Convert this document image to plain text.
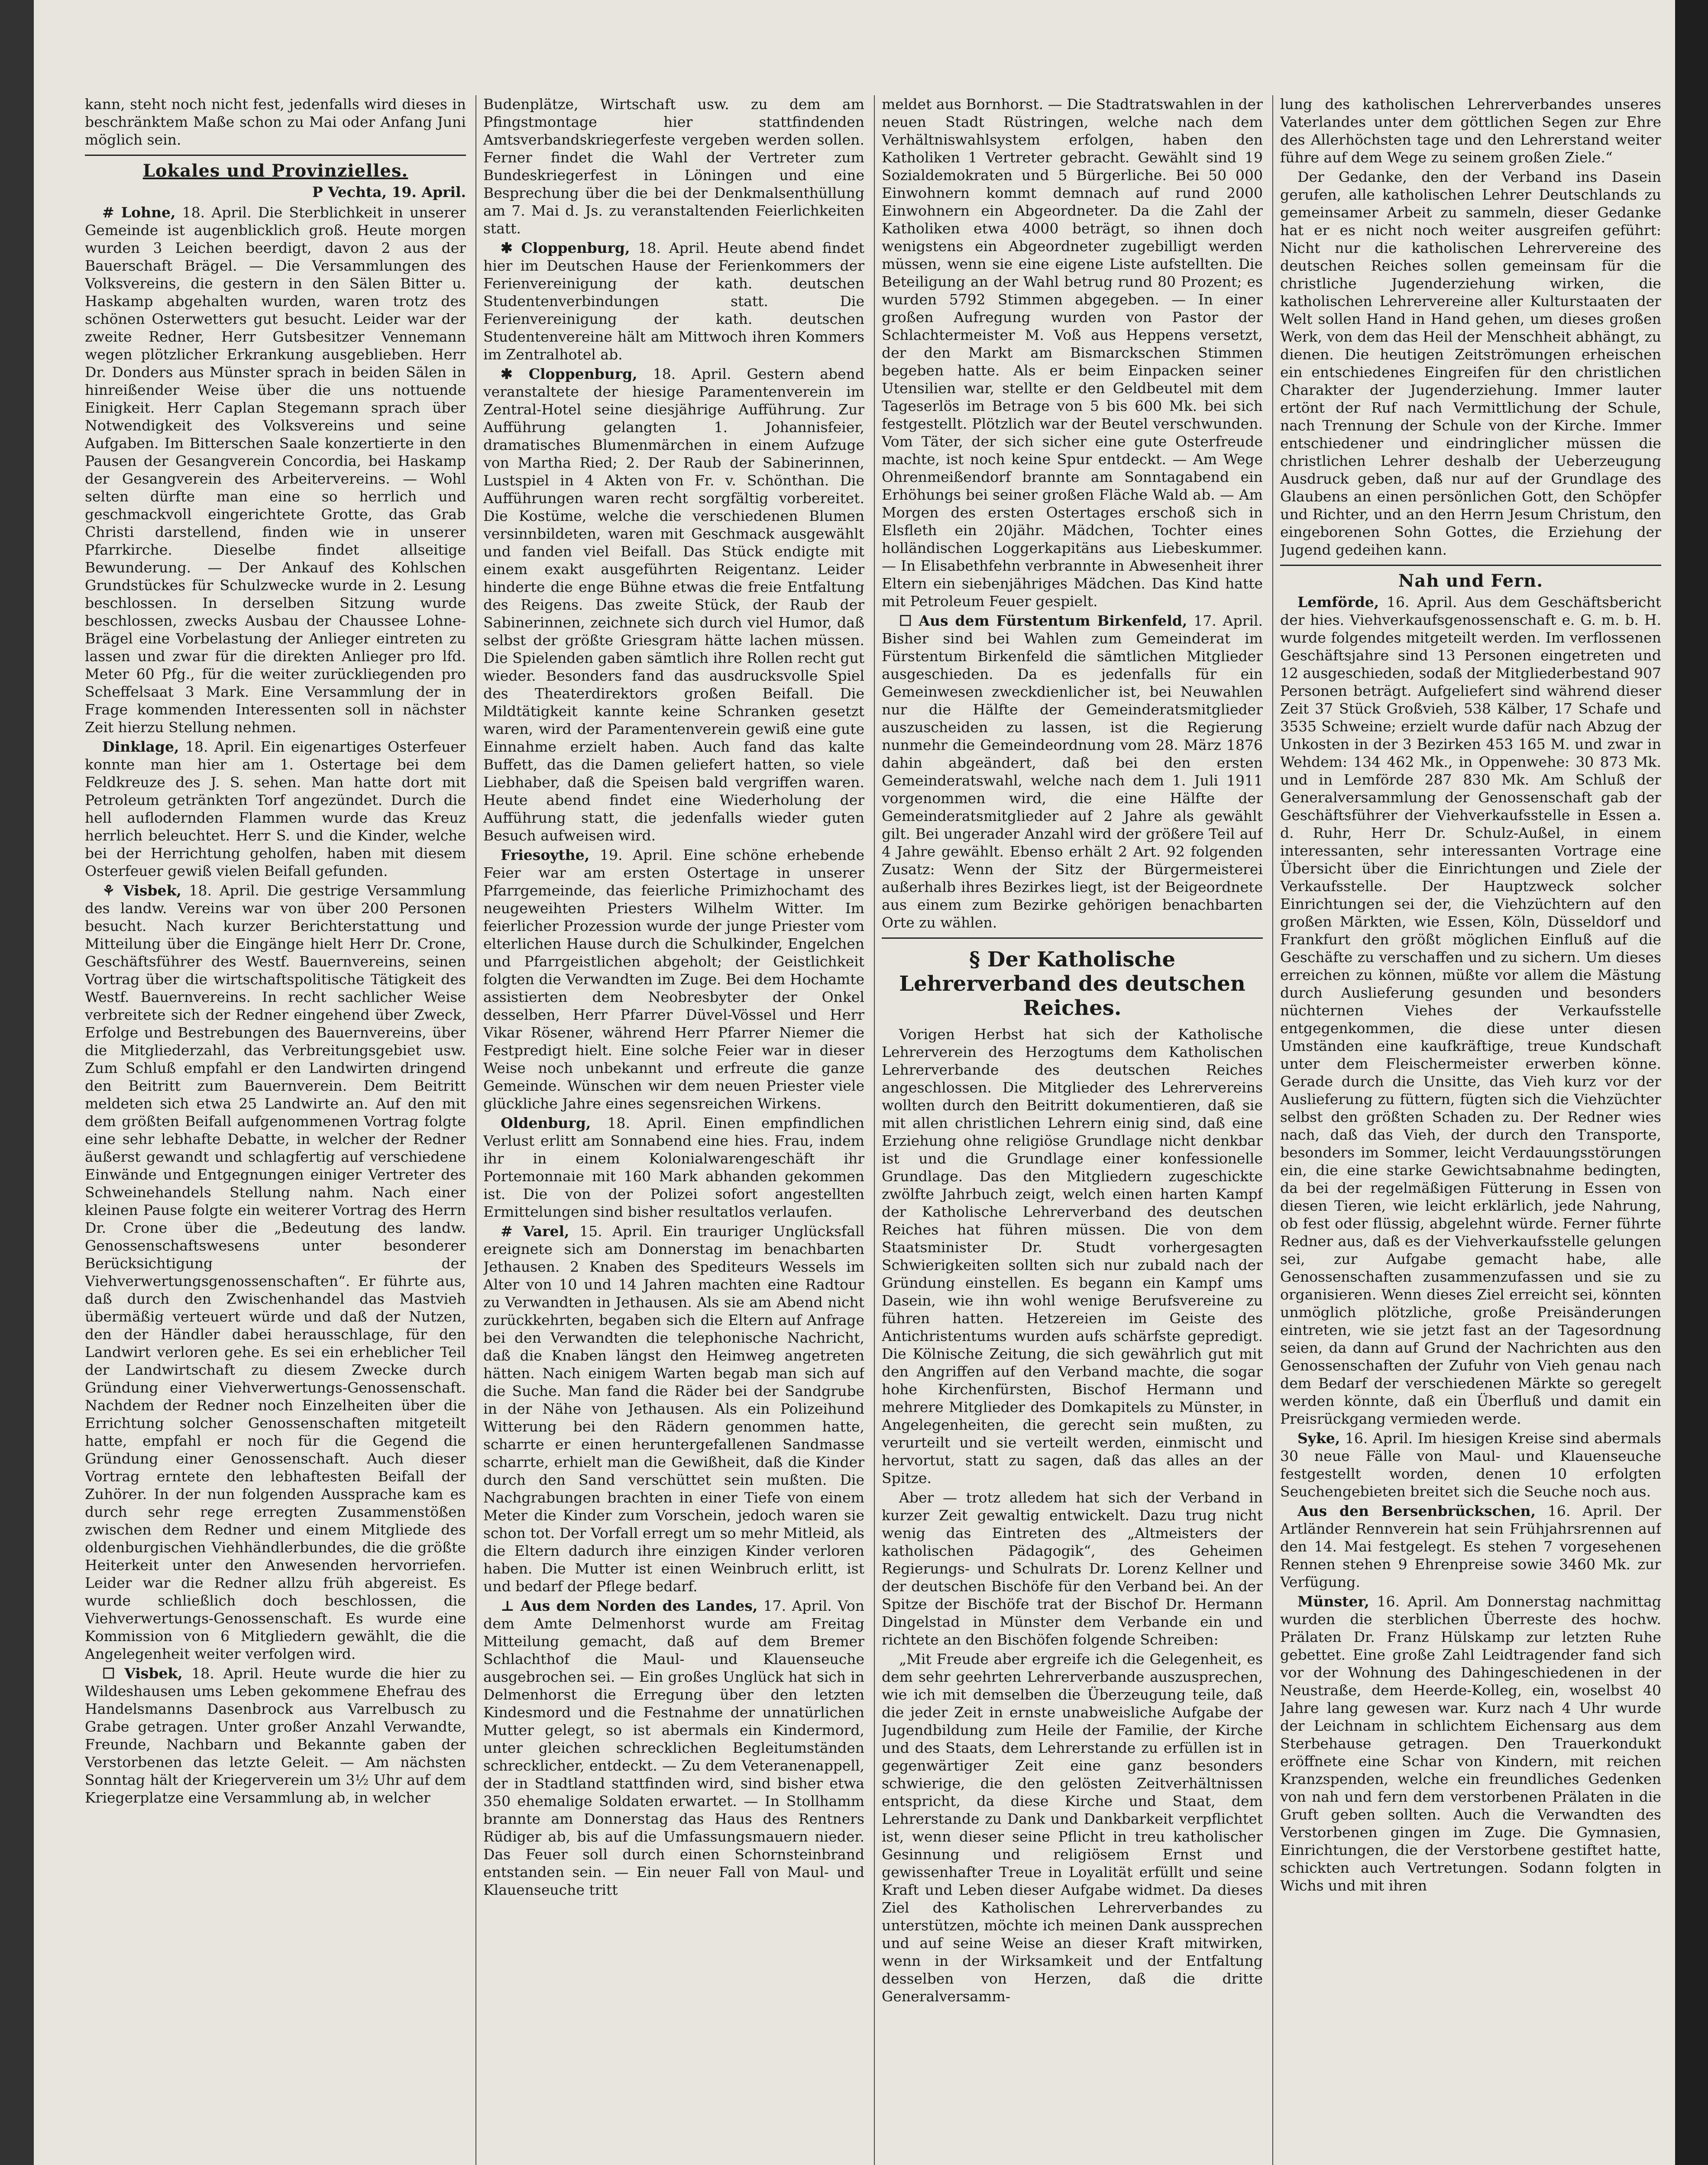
kann, steht noch nicht fest, jedenfalls wird dieses in beschränktem Maße schon zu Mai oder Anfang Juni möglich sein.

Lokales und Provinzielles.
P Vechta, 19. April.

# Lohne, 18. April. Die Sterblichkeit in unserer Gemeinde ist augenblicklich groß. Heute morgen wurden 3 Leichen beerdigt, davon 2 aus der Bauerschaft Brägel. — Die Versammlungen des Volksvereins, die gestern in den Sälen Bitter u. Haskamp abgehalten wurden, waren trotz des schönen Osterwetters gut besucht. Leider war der zweite Redner, Herr Gutsbesitzer Vennemann wegen plötzlicher Erkrankung ausgeblieben. Herr Dr. Donders aus Münster sprach in beiden Sälen in hinreißender Weise über die uns nottuende Einigkeit. Herr Caplan Stegemann sprach über Notwendigkeit des Volksvereins und seine Aufgaben. Im Bitterschen Saale konzertierte in den Pausen der Gesangverein Concordia, bei Haskamp der Gesangverein des Arbeitervereins. — Wohl selten dürfte man eine so herrlich und geschmackvoll eingerichtete Grotte, das Grab Christi darstellend, finden wie in unserer Pfarrkirche. Dieselbe findet allseitige Bewunderung. — Der Ankauf des Kohlschen Grundstückes für Schulzwecke wurde in 2. Lesung beschlossen. In derselben Sitzung wurde beschlossen, zwecks Ausbau der Chaussee Lohne-Brägel eine Vorbelastung der Anlieger eintreten zu lassen und zwar für die direkten Anlieger pro lfd. Meter 60 Pfg., für die weiter zurückliegenden pro Scheffelsaat 3 Mark. Eine Versammlung der in Frage kommenden Interessenten soll in nächster Zeit hierzu Stellung nehmen.

Dinklage, 18. April. Ein eigenartiges Osterfeuer konnte man hier am 1. Ostertage bei dem Feldkreuze des J. S. sehen. Man hatte dort mit Petroleum getränkten Torf angezündet. Durch die hell auflodernden Flammen wurde das Kreuz herrlich beleuchtet. Herr S. und die Kinder, welche bei der Herrichtung geholfen, haben mit diesem Osterfeuer gewiß vielen Beifall gefunden.

⚘ Visbek, 18. April. Die gestrige Versammlung des landw. Vereins war von über 200 Personen besucht. Nach kurzer Berichterstattung und Mitteilung über die Eingänge hielt Herr Dr. Crone, Geschäftsführer des Westf. Bauernvereins, seinen Vortrag über die wirtschaftspolitische Tätigkeit des Westf. Bauernvereins. In recht sachlicher Weise verbreitete sich der Redner eingehend über Zweck, Erfolge und Bestrebungen des Bauernvereins, über die Mitgliederzahl, das Verbreitungsgebiet usw. Zum Schluß empfahl er den Landwirten dringend den Beitritt zum Bauernverein. Dem Beitritt meldeten sich etwa 25 Landwirte an. Auf den mit dem größten Beifall aufgenommenen Vortrag folgte eine sehr lebhafte Debatte, in welcher der Redner äußerst gewandt und schlagfertig auf verschiedene Einwände und Entgegnungen einiger Vertreter des Schweinehandels Stellung nahm. Nach einer kleinen Pause folgte ein weiterer Vortrag des Herrn Dr. Crone über die „Bedeutung des landw. Genossenschaftswesens unter besonderer Berücksichtigung der Viehverwertungsgenossenschaften“. Er führte aus, daß durch den Zwischenhandel das Mastvieh übermäßig verteuert würde und daß der Nutzen, den der Händler dabei herausschlage, für den Landwirt verloren gehe. Es sei ein erheblicher Teil der Landwirtschaft zu diesem Zwecke durch Gründung einer Viehverwertungs-Genossenschaft. Nachdem der Redner noch Einzelheiten über die Errichtung solcher Genossenschaften mitgeteilt hatte, empfahl er noch für die Gegend die Gründung einer Genossenschaft. Auch dieser Vortrag erntete den lebhaftesten Beifall der Zuhörer. In der nun folgenden Aussprache kam es durch sehr rege erregten Zusammenstößen zwischen dem Redner und einem Mitgliede des oldenburgischen Viehhändlerbundes, die die größte Heiterkeit unter den Anwesenden hervorriefen. Leider war die Redner allzu früh abgereist. Es wurde schließlich doch beschlossen, die Viehverwertungs-Genossenschaft. Es wurde eine Kommission von 6 Mitgliedern gewählt, die die Angelegenheit weiter verfolgen wird.

☐ Visbek, 18. April. Heute wurde die hier zu Wildeshausen ums Leben gekommene Ehefrau des Handelsmanns Dasenbrock aus Varrelbusch zu Grabe getragen. Unter großer Anzahl Verwandte, Freunde, Nachbarn und Bekannte gaben der Verstorbenen das letzte Geleit. — Am nächsten Sonntag hält der Kriegerverein um 3½ Uhr auf dem Kriegerplatze eine Versammlung ab, in welcher

Budenplätze, Wirtschaft usw. zu dem am Pfingstmontage hier stattfindenden Amtsverbandskriegerfeste vergeben werden sollen. Ferner findet die Wahl der Vertreter zum Bundeskriegerfest in Löningen und eine Besprechung über die bei der Denkmalsenthüllung am 7. Mai d. Js. zu veranstaltenden Feierlichkeiten statt.

✱ Cloppenburg, 18. April. Heute abend findet hier im Deutschen Hause der Ferienkommers der Ferienvereinigung der kath. deutschen Studentenverbindungen statt. Die Ferienvereinigung der kath. deutschen Studentenvereine hält am Mittwoch ihren Kommers im Zentralhotel ab.

✱ Cloppenburg, 18. April. Gestern abend veranstaltete der hiesige Paramentenverein im Zentral-Hotel seine diesjährige Aufführung. Zur Aufführung gelangten 1. Johannisfeier, dramatisches Blumenmärchen in einem Aufzuge von Martha Ried; 2. Der Raub der Sabinerinnen, Lustspiel in 4 Akten von Fr. v. Schönthan. Die Aufführungen waren recht sorgfältig vorbereitet. Die Kostüme, welche die verschiedenen Blumen versinnbildeten, waren mit Geschmack ausgewählt und fanden viel Beifall. Das Stück endigte mit einem exakt ausgeführten Reigentanz. Leider hinderte die enge Bühne etwas die freie Entfaltung des Reigens. Das zweite Stück, der Raub der Sabinerinnen, zeichnete sich durch viel Humor, daß selbst der größte Griesgram hätte lachen müssen. Die Spielenden gaben sämtlich ihre Rollen recht gut wieder. Besonders fand das ausdrucksvolle Spiel des Theaterdirektors großen Beifall. Die Mildtätigkeit kannte keine Schranken gesetzt waren, wird der Paramentenverein gewiß eine gute Einnahme erzielt haben. Auch fand das kalte Buffett, das die Damen geliefert hatten, so viele Liebhaber, daß die Speisen bald vergriffen waren. Heute abend findet eine Wiederholung der Aufführung statt, die jedenfalls wieder guten Besuch aufweisen wird.

Friesoythe, 19. April. Eine schöne erhebende Feier war am ersten Ostertage in unserer Pfarrgemeinde, das feierliche Primizhochamt des neugeweihten Priesters Wilhelm Witter. Im feierlicher Prozession wurde der junge Priester vom elterlichen Hause durch die Schulkinder, Engelchen und Pfarrgeistlichen abgeholt; der Geistlichkeit folgten die Verwandten im Zuge. Bei dem Hochamte assistierten dem Neobresbyter der Onkel desselben, Herr Pfarrer Düvel-Vössel und Herr Vikar Rösener, während Herr Pfarrer Niemer die Festpredigt hielt. Eine solche Feier war in dieser Weise noch unbekannt und erfreute die ganze Gemeinde. Wünschen wir dem neuen Priester viele glückliche Jahre eines segensreichen Wirkens.

Oldenburg, 18. April. Einen empfindlichen Verlust erlitt am Sonnabend eine hies. Frau, indem ihr in einem Kolonialwarengeschäft ihr Portemonnaie mit 160 Mark abhanden gekommen ist. Die von der Polizei sofort angestellten Ermittelungen sind bisher resultatlos verlaufen.

# Varel, 15. April. Ein trauriger Unglücksfall ereignete sich am Donnerstag im benachbarten Jethausen. 2 Knaben des Spediteurs Wessels im Alter von 10 und 14 Jahren machten eine Radtour zu Verwandten in Jethausen. Als sie am Abend nicht zurückkehrten, begaben sich die Eltern auf Anfrage bei den Verwandten die telephonische Nachricht, daß die Knaben längst den Heimweg angetreten hätten. Nach einigem Warten begab man sich auf die Suche. Man fand die Räder bei der Sandgrube in der Nähe von Jethausen. Als ein Polizeihund Witterung bei den Rädern genommen hatte, scharrte er einen heruntergefallenen Sandmasse scharrte, erhielt man die Gewißheit, daß die Kinder durch den Sand verschüttet sein mußten. Die Nachgrabungen brachten in einer Tiefe von einem Meter die Kinder zum Vorschein, jedoch waren sie schon tot. Der Vorfall erregt um so mehr Mitleid, als die Eltern dadurch ihre einzigen Kinder verloren haben. Die Mutter ist einen Weinbruch erlitt, ist und bedarf der Pflege bedarf.

⊥ Aus dem Norden des Landes, 17. April. Von dem Amte Delmenhorst wurde am Freitag Mitteilung gemacht, daß auf dem Bremer Schlachthof die Maul- und Klauenseuche ausgebrochen sei. — Ein großes Unglück hat sich in Delmenhorst die Erregung über den letzten Kindesmord und die Festnahme der unnatürlichen Mutter gelegt, so ist abermals ein Kindermord, unter gleichen schrecklichen Begleitumständen schrecklicher, entdeckt. — Zu dem Veteranenappell, der in Stadtland stattfinden wird, sind bisher etwa 350 ehemalige Soldaten erwartet. — In Stollhamm brannte am Donnerstag das Haus des Rentners Rüdiger ab, bis auf die Umfassungsmauern nieder. Das Feuer soll durch einen Schornsteinbrand entstanden sein. — Ein neuer Fall von Maul- und Klauenseuche tritt

meldet aus Bornhorst. — Die Stadtratswahlen in der neuen Stadt Rüstringen, welche nach dem Verhältniswahlsystem erfolgen, haben den Katholiken 1 Vertreter gebracht. Gewählt sind 19 Sozialdemokraten und 5 Bürgerliche. Bei 50 000 Einwohnern kommt demnach auf rund 2000 Einwohnern ein Abgeordneter. Da die Zahl der Katholiken etwa 4000 beträgt, so ihnen doch wenigstens ein Abgeordneter zugebilligt werden müssen, wenn sie eine eigene Liste aufstellten. Die Beteiligung an der Wahl betrug rund 80 Prozent; es wurden 5792 Stimmen abgegeben. — In einer großen Aufregung wurden von Pastor der Schlachtermeister M. Voß aus Heppens versetzt, der den Markt am Bismarckschen Stimmen begeben hatte. Als er beim Einpacken seiner Utensilien war, stellte er den Geldbeutel mit dem Tageserlös im Betrage von 5 bis 600 Mk. bei sich festgestellt. Plötzlich war der Beutel verschwunden. Vom Täter, der sich sicher eine gute Osterfreude machte, ist noch keine Spur entdeckt. — Am Wege Ohrenmeißendorf brannte am Sonntagabend ein Erhöhungs bei seiner großen Fläche Wald ab. — Am Morgen des ersten Ostertages erschoß sich in Elsfleth ein 20jähr. Mädchen, Tochter eines holländischen Loggerkapitäns aus Liebeskummer. — In Elisabethfehn verbrannte in Abwesenheit ihrer Eltern ein siebenjähriges Mädchen. Das Kind hatte mit Petroleum Feuer gespielt.

☐ Aus dem Fürstentum Birkenfeld, 17. April. Bisher sind bei Wahlen zum Gemeinderat im Fürstentum Birkenfeld die sämtlichen Mitglieder ausgeschieden. Da es jedenfalls für ein Gemeinwesen zweckdienlicher ist, bei Neuwahlen nur die Hälfte der Gemeinderatsmitglieder auszuscheiden zu lassen, ist die Regierung nunmehr die Gemeindeordnung vom 28. März 1876 dahin abgeändert, daß bei den ersten Gemeinderatswahl, welche nach dem 1. Juli 1911 vorgenommen wird, die eine Hälfte der Gemeinderatsmitglieder auf 2 Jahre als gewählt gilt. Bei ungerader Anzahl wird der größere Teil auf 4 Jahre gewählt. Ebenso erhält 2 Art. 92 folgenden Zusatz: Wenn der Sitz der Bürgermeisterei außerhalb ihres Bezirkes liegt, ist der Beigeordnete aus einem zum Bezirke gehörigen benachbarten Orte zu wählen.

§ Der Katholische Lehrerverband des deutschen Reiches.

Vorigen Herbst hat sich der Katholische Lehrerverein des Herzogtums dem Katholischen Lehrerverbande des deutschen Reiches angeschlossen. Die Mitglieder des Lehrervereins wollten durch den Beitritt dokumentieren, daß sie mit allen christlichen Lehrern einig sind, daß eine Erziehung ohne religiöse Grundlage nicht denkbar ist und die Grundlage einer konfessionelle Grundlage. Das den Mitgliedern zugeschickte zwölfte Jahrbuch zeigt, welch einen harten Kampf der Katholische Lehrerverband des deutschen Reiches hat führen müssen. Die von dem Staatsminister Dr. Studt vorhergesagten Schwierigkeiten sollten sich nur zubald nach der Gründung einstellen. Es begann ein Kampf ums Dasein, wie ihn wohl wenige Berufsvereine zu führen hatten. Hetzereien im Geiste des Antichristentums wurden aufs schärfste gepredigt. Die Kölnische Zeitung, die sich gewährlich gut mit den Angriffen auf den Verband machte, die sogar hohe Kirchenfürsten, Bischof Hermann und mehrere Mitglieder des Domkapitels zu Münster, in Angelegenheiten, die gerecht sein mußten, zu verurteilt und sie verteilt werden, einmischt und hervortut, statt zu sagen, daß das alles an der Spitze.

Aber — trotz alledem hat sich der Verband in kurzer Zeit gewaltig entwickelt. Dazu trug nicht wenig das Eintreten des „Altmeisters der katholischen Pädagogik“, des Geheimen Regierungs- und Schulrats Dr. Lorenz Kellner und der deutschen Bischöfe für den Verband bei. An der Spitze der Bischöfe trat der Bischof Dr. Hermann Dingelstad in Münster dem Verbande ein und richtete an den Bischöfen folgende Schreiben:

„Mit Freude aber ergreife ich die Gelegenheit, es dem sehr geehrten Lehrerverbande auszusprechen, wie ich mit demselben die Überzeugung teile, daß die jeder Zeit in ernste unabweisliche Aufgabe der Jugendbildung zum Heile der Familie, der Kirche und des Staats, dem Lehrerstande zu erfüllen ist in gegenwärtiger Zeit eine ganz besonders schwierige, die den gelösten Zeitverhältnissen entspricht, da diese Kirche und Staat, dem Lehrerstande zu Dank und Dankbarkeit verpflichtet ist, wenn dieser seine Pflicht in treu katholischer Gesinnung und religiösem Ernst und gewissenhafter Treue in Loyalität erfüllt und seine Kraft und Leben dieser Aufgabe widmet. Da dieses Ziel des Katholischen Lehrerverbandes zu unterstützen, möchte ich meinen Dank aussprechen und auf seine Weise an dieser Kraft mitwirken, wenn in der Wirksamkeit und der Entfaltung desselben von Herzen, daß die dritte Generalversamm-

lung des katholischen Lehrerverbandes unseres Vaterlandes unter dem göttlichen Segen zur Ehre des Allerhöchsten tage und den Lehrerstand weiter führe auf dem Wege zu seinem großen Ziele.“

Der Gedanke, den der Verband ins Dasein gerufen, alle katholischen Lehrer Deutschlands zu gemeinsamer Arbeit zu sammeln, dieser Gedanke hat er es nicht noch weiter ausgreifen geführt: Nicht nur die katholischen Lehrervereine des deutschen Reiches sollen gemeinsam für die christliche Jugenderziehung wirken, die katholischen Lehrervereine aller Kulturstaaten der Welt sollen Hand in Hand gehen, um dieses großen Werk, von dem das Heil der Menschheit abhängt, zu dienen. Die heutigen Zeitströmungen erheischen ein entschiedenes Eingreifen für den christlichen Charakter der Jugenderziehung. Immer lauter ertönt der Ruf nach Vermittlichung der Schule, nach Trennung der Schule von der Kirche. Immer entschiedener und eindringlicher müssen die christlichen Lehrer deshalb der Ueberzeugung Ausdruck geben, daß nur auf der Grundlage des Glaubens an einen persönlichen Gott, den Schöpfer und Richter, und an den Herrn Jesum Christum, den eingeborenen Sohn Gottes, die Erziehung der Jugend gedeihen kann.

Nah und Fern.

Lemförde, 16. April. Aus dem Geschäftsbericht der hies. Viehverkaufsgenossenschaft e. G. m. b. H. wurde folgendes mitgeteilt werden. Im verflossenen Geschäftsjahre sind 13 Personen eingetreten und 12 ausgeschieden, sodaß der Mitgliederbestand 907 Personen beträgt. Aufgeliefert sind während dieser Zeit 37 Stück Großvieh, 538 Kälber, 17 Schafe und 3535 Schweine; erzielt wurde dafür nach Abzug der Unkosten in der 3 Bezirken 453 165 M. und zwar in Wehdem: 134 462 Mk., in Oppenwehe: 30 873 Mk. und in Lemförde 287 830 Mk. Am Schluß der Generalversammlung der Genossenschaft gab der Geschäftsführer der Viehverkaufsstelle in Essen a. d. Ruhr, Herr Dr. Schulz-Außel, in einem interessanten, sehr interessanten Vortrage eine Übersicht über die Einrichtungen und Ziele der Verkaufsstelle. Der Hauptzweck solcher Einrichtungen sei der, die Viehzüchtern auf den großen Märkten, wie Essen, Köln, Düsseldorf und Frankfurt den größt möglichen Einfluß auf die Geschäfte zu verschaffen und zu sichern. Um dieses erreichen zu können, müßte vor allem die Mästung durch Auslieferung gesunden und besonders nüchternen Viehes der Verkaufsstelle entgegenkommen, die diese unter diesen Umständen eine kaufkräftige, treue Kundschaft unter dem Fleischermeister erwerben könne. Gerade durch die Unsitte, das Vieh kurz vor der Auslieferung zu füttern, fügten sich die Viehzüchter selbst den größten Schaden zu. Der Redner wies nach, daß das Vieh, der durch den Transporte, besonders im Sommer, leicht Verdauungsstörungen ein, die eine starke Gewichtsabnahme bedingten, da bei der regelmäßigen Fütterung in Essen von diesen Tieren, wie leicht erklärlich, jede Nahrung, ob fest oder flüssig, abgelehnt würde. Ferner führte Redner aus, daß es der Viehverkaufsstelle gelungen sei, zur Aufgabe gemacht habe, alle Genossenschaften zusammenzufassen und sie zu organisieren. Wenn dieses Ziel erreicht sei, könnten unmöglich plötzliche, große Preisänderungen eintreten, wie sie jetzt fast an der Tagesordnung seien, da dann auf Grund der Nachrichten aus den Genossenschaften der Zufuhr von Vieh genau nach dem Bedarf der verschiedenen Märkte so geregelt werden könnte, daß ein Überfluß und damit ein Preisrückgang vermieden werde.

Syke, 16. April. Im hiesigen Kreise sind abermals 30 neue Fälle von Maul- und Klauenseuche festgestellt worden, denen 10 erfolgten Seuchengebieten breitet sich die Seuche noch aus.

Aus den Bersenbrückschen, 16. April. Der Artländer Rennverein hat sein Frühjahrsrennen auf den 14. Mai festgelegt. Es stehen 7 vorgesehenen Rennen stehen 9 Ehrenpreise sowie 3460 Mk. zur Verfügung.

Münster, 16. April. Am Donnerstag nachmittag wurden die sterblichen Überreste des hochw. Prälaten Dr. Franz Hülskamp zur letzten Ruhe gebettet. Eine große Zahl Leidtragender fand sich vor der Wohnung des Dahingeschiedenen in der Neustraße, dem Heerde-Kolleg, ein, woselbst 40 Jahre lang gewesen war. Kurz nach 4 Uhr wurde der Leichnam in schlichtem Eichensarg aus dem Sterbehause getragen. Den Trauerkondukt eröffnete eine Schar von Kindern, mit reichen Kranzspenden, welche ein freundliches Gedenken von nah und fern dem verstorbenen Prälaten in die Gruft geben sollten. Auch die Verwandten des Verstorbenen gingen im Zuge. Die Gymnasien, Einrichtungen, die der Verstorbene gestiftet hatte, schickten auch Vertretungen. Sodann folgten in Wichs und mit ihren
